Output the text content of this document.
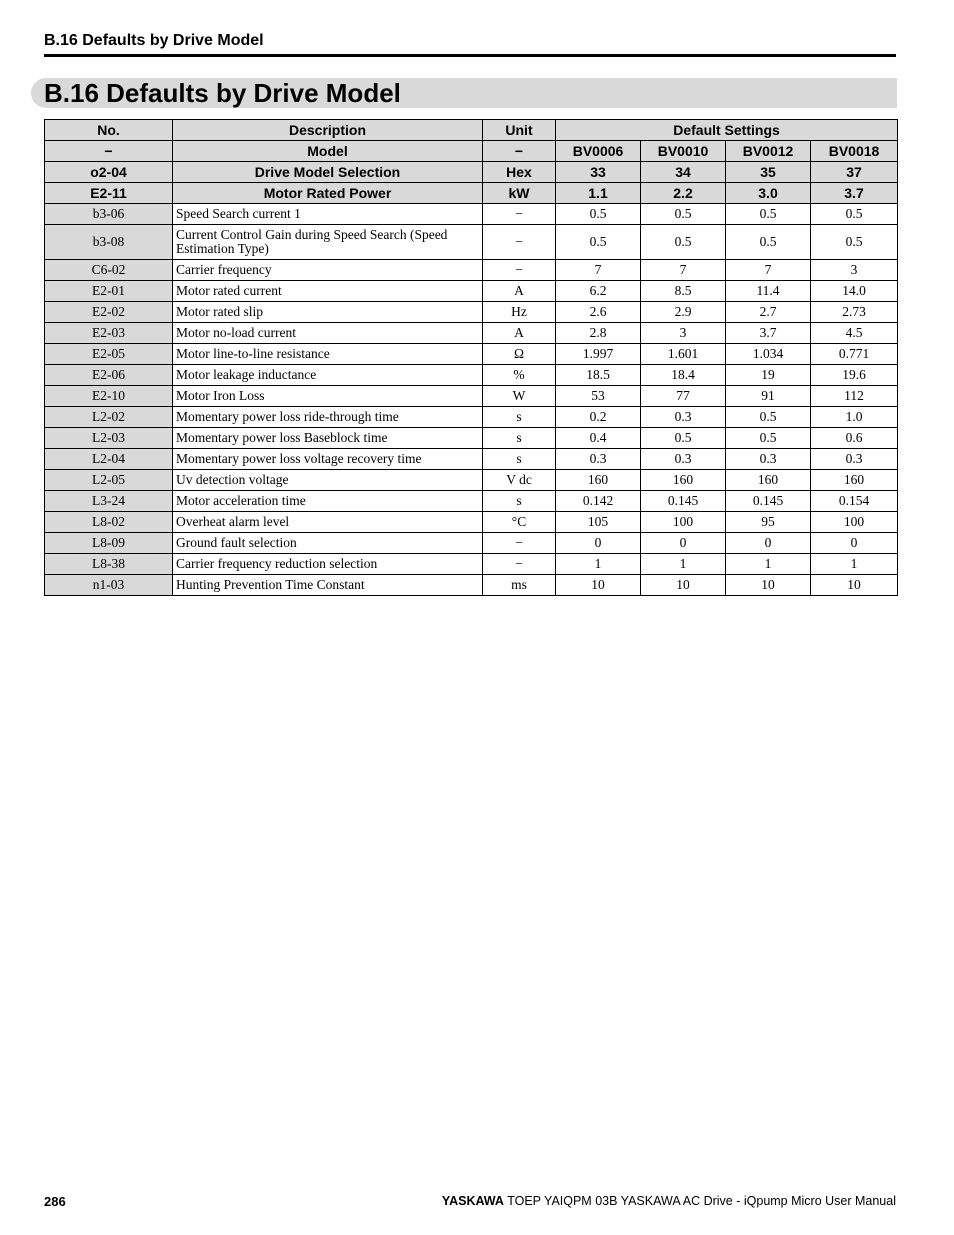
B.16 Defaults by Drive Model
B.16 Defaults by Drive Model
No.	Description	Unit	Default Settings			
−	Model	−	BV0006	BV0010	BV0012	BV0018
o2-04	Drive Model Selection	Hex	33	34	35	37
E2-11	Motor Rated Power	kW	1.1	2.2	3.0	3.7
b3-06	Speed Search current 1	−	0.5	0.5	0.5	0.5
b3-08	Current Control Gain during Speed Search (Speed Estimation Type)	−	0.5	0.5	0.5	0.5
C6-02	Carrier frequency	−	7	7	7	3
E2-01	Motor rated current	A	6.2	8.5	11.4	14.0
E2-02	Motor rated slip	Hz	2.6	2.9	2.7	2.73
E2-03	Motor no-load current	A	2.8	3	3.7	4.5
E2-05	Motor line-to-line resistance	Ω	1.997	1.601	1.034	0.771
E2-06	Motor leakage inductance	%	18.5	18.4	19	19.6
E2-10	Motor Iron Loss	W	53	77	91	112
L2-02	Momentary power loss ride-through time	s	0.2	0.3	0.5	1.0
L2-03	Momentary power loss Baseblock time	s	0.4	0.5	0.5	0.6
L2-04	Momentary power loss voltage recovery time	s	0.3	0.3	0.3	0.3
L2-05	Uv detection voltage	V dc	160	160	160	160
L3-24	Motor acceleration time	s	0.142	0.145	0.145	0.154
L8-02	Overheat alarm level	°C	105	100	95	100
L8-09	Ground fault selection	−	0	0	0	0
L8-38	Carrier frequency reduction selection	−	1	1	1	1
n1-03	Hunting Prevention Time Constant	ms	10	10	10	10
286	YASKAWA TOEP YAIQPM 03B YASKAWA AC Drive - iQpump Micro User Manual
